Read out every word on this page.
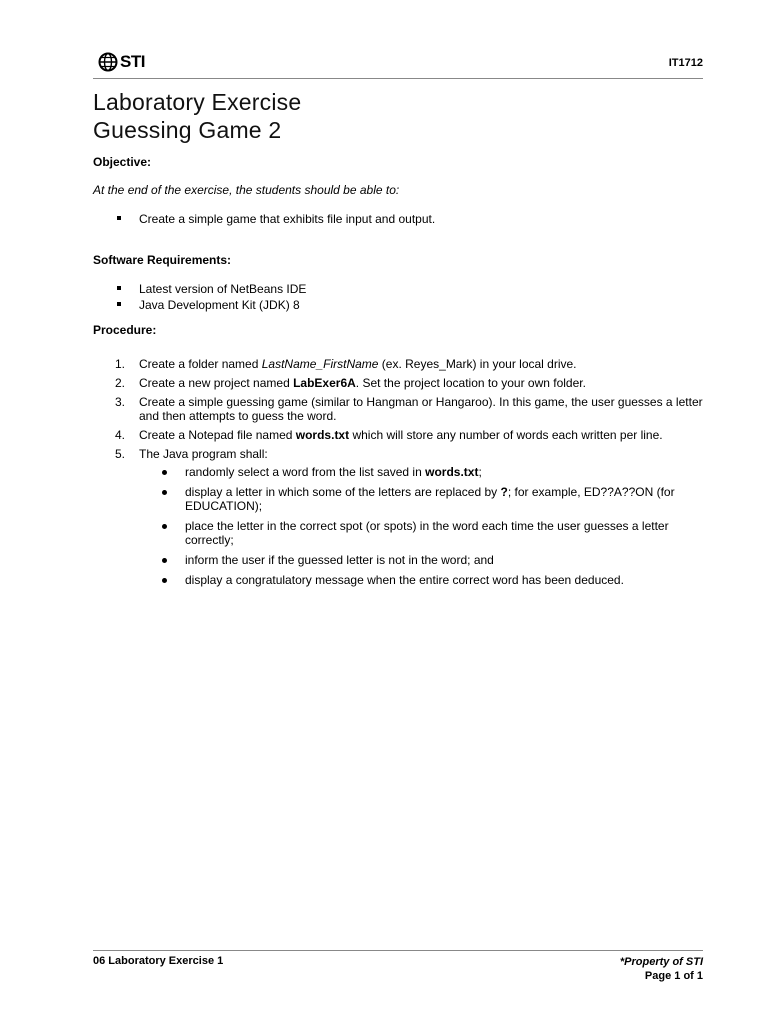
STI	IT1712
Laboratory Exercise
Guessing Game 2
Objective:
At the end of the exercise, the students should be able to:
Create a simple game that exhibits file input and output.
Software Requirements:
Latest version of NetBeans IDE
Java Development Kit (JDK) 8
Procedure:
1. Create a folder named LastName_FirstName (ex. Reyes_Mark) in your local drive.
2. Create a new project named LabExer6A. Set the project location to your own folder.
3. Create a simple guessing game (similar to Hangman or Hangaroo). In this game, the user guesses a letter and then attempts to guess the word.
4. Create a Notepad file named words.txt which will store any number of words each written per line.
5. The Java program shall:
randomly select a word from the list saved in words.txt;
display a letter in which some of the letters are replaced by ?; for example, ED??A??ON (for EDUCATION);
place the letter in the correct spot (or spots) in the word each time the user guesses a letter correctly;
inform the user if the guessed letter is not in the word; and
display a congratulatory message when the entire correct word has been deduced.
06 Laboratory Exercise 1	*Property of STI
Page 1 of 1
